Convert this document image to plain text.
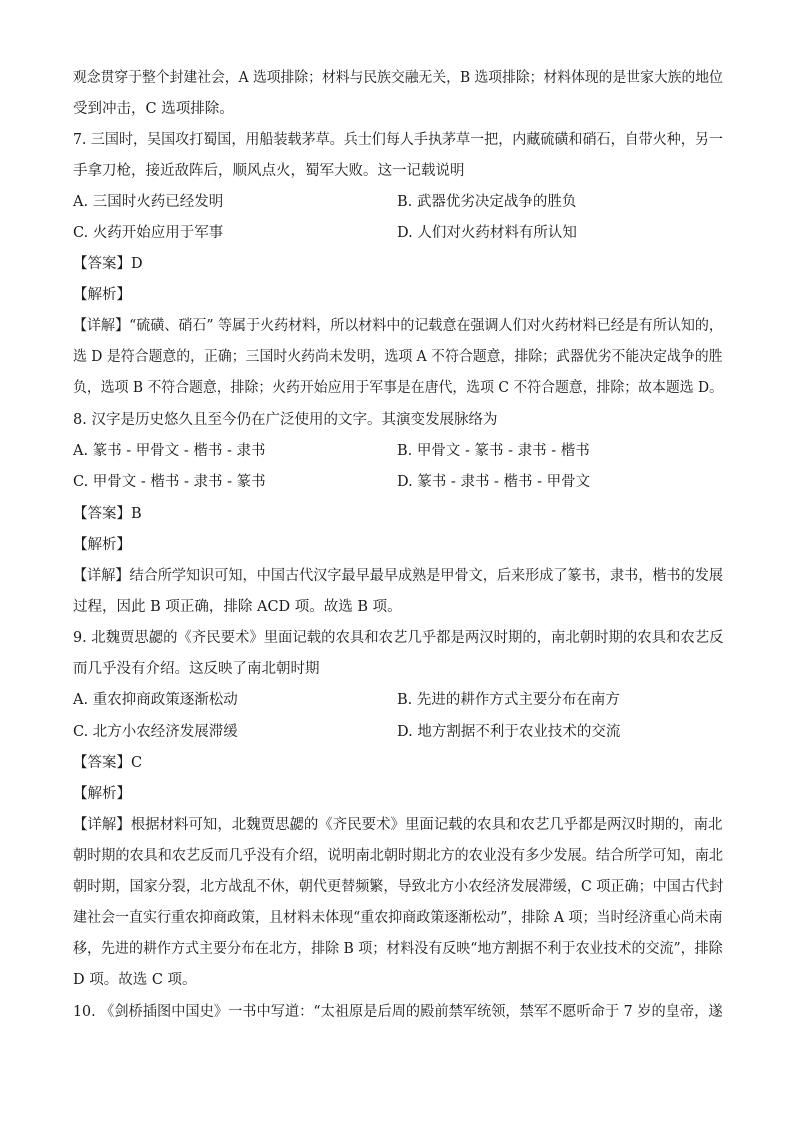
观念贯穿于整个封建社会，A 选项排除；材料与民族交融无关，B 选项排除；材料体现的是世家大族的地位
受到冲击，C 选项排除。
7. 三国时，吴国攻打蜀国，用船装载茅草。兵士们每人手执茅草一把，内藏硫磺和硝石，自带火种，另一
手拿刀枪，接近敌阵后，顺风点火，蜀军大败。这一记载说明
A. 三国时火药已经发明	B. 武器优劣决定战争的胜负
C. 火药开始应用于军事	D. 人们对火药材料有所认知
【答案】D
【解析】
【详解】“硫磺、硝石” 等属于火药材料，所以材料中的记载意在强调人们对火药材料已经是有所认知的，
选 D 是符合题意的，正确；三国时火药尚未发明，选项 A 不符合题意，排除；武器优劣不能决定战争的胜
负，选项 B 不符合题意，排除；火药开始应用于军事是在唐代，选项 C 不符合题意，排除；故本题选 D。
8. 汉字是历史悠久且至今仍在广泛使用的文字。其演变发展脉络为
A. 篆书 - 甲骨文 - 楷书 - 隶书	B. 甲骨文 - 篆书 - 隶书 - 楷书
C. 甲骨文 - 楷书 - 隶书 - 篆书	D. 篆书 - 隶书 - 楷书 - 甲骨文
【答案】B
【解析】
【详解】结合所学知识可知，中国古代汉字最早最早成熟是甲骨文，后来形成了篆书，隶书，楷书的发展
过程，因此 B 项正确，排除 ACD 项。故选 B 项。
9. 北魏贾思勰的《齐民要术》里面记载的农具和农艺几乎都是两汉时期的，南北朝时期的农具和农艺反
而几乎没有介绍。这反映了南北朝时期
A. 重农抑商政策逐渐松动	B. 先进的耕作方式主要分布在南方
C. 北方小农经济发展滞缓	D. 地方割据不利于农业技术的交流
【答案】C
【解析】
【详解】根据材料可知，北魏贾思勰的《齐民要术》里面记载的农具和农艺几乎都是两汉时期的，南北
朝时期的农具和农艺反而几乎没有介绍，说明南北朝时期北方的农业没有多少发展。结合所学可知，南北
朝时期，国家分裂，北方战乱不休，朝代更替频繁，导致北方小农经济发展滞缓，C 项正确；中国古代封
建社会一直实行重农抑商政策，且材料未体现“重农抑商政策逐渐松动”，排除 A 项；当时经济重心尚未南
移，先进的耕作方式主要分布在北方，排除 B 项；材料没有反映“地方割据不利于农业技术的交流”，排除
D 项。故选 C 项。
10. 《剑桥插图中国史》一书中写道：“太祖原是后周的殿前禁军统领，禁军不愿听命于 7 岁的皇帝，遂
